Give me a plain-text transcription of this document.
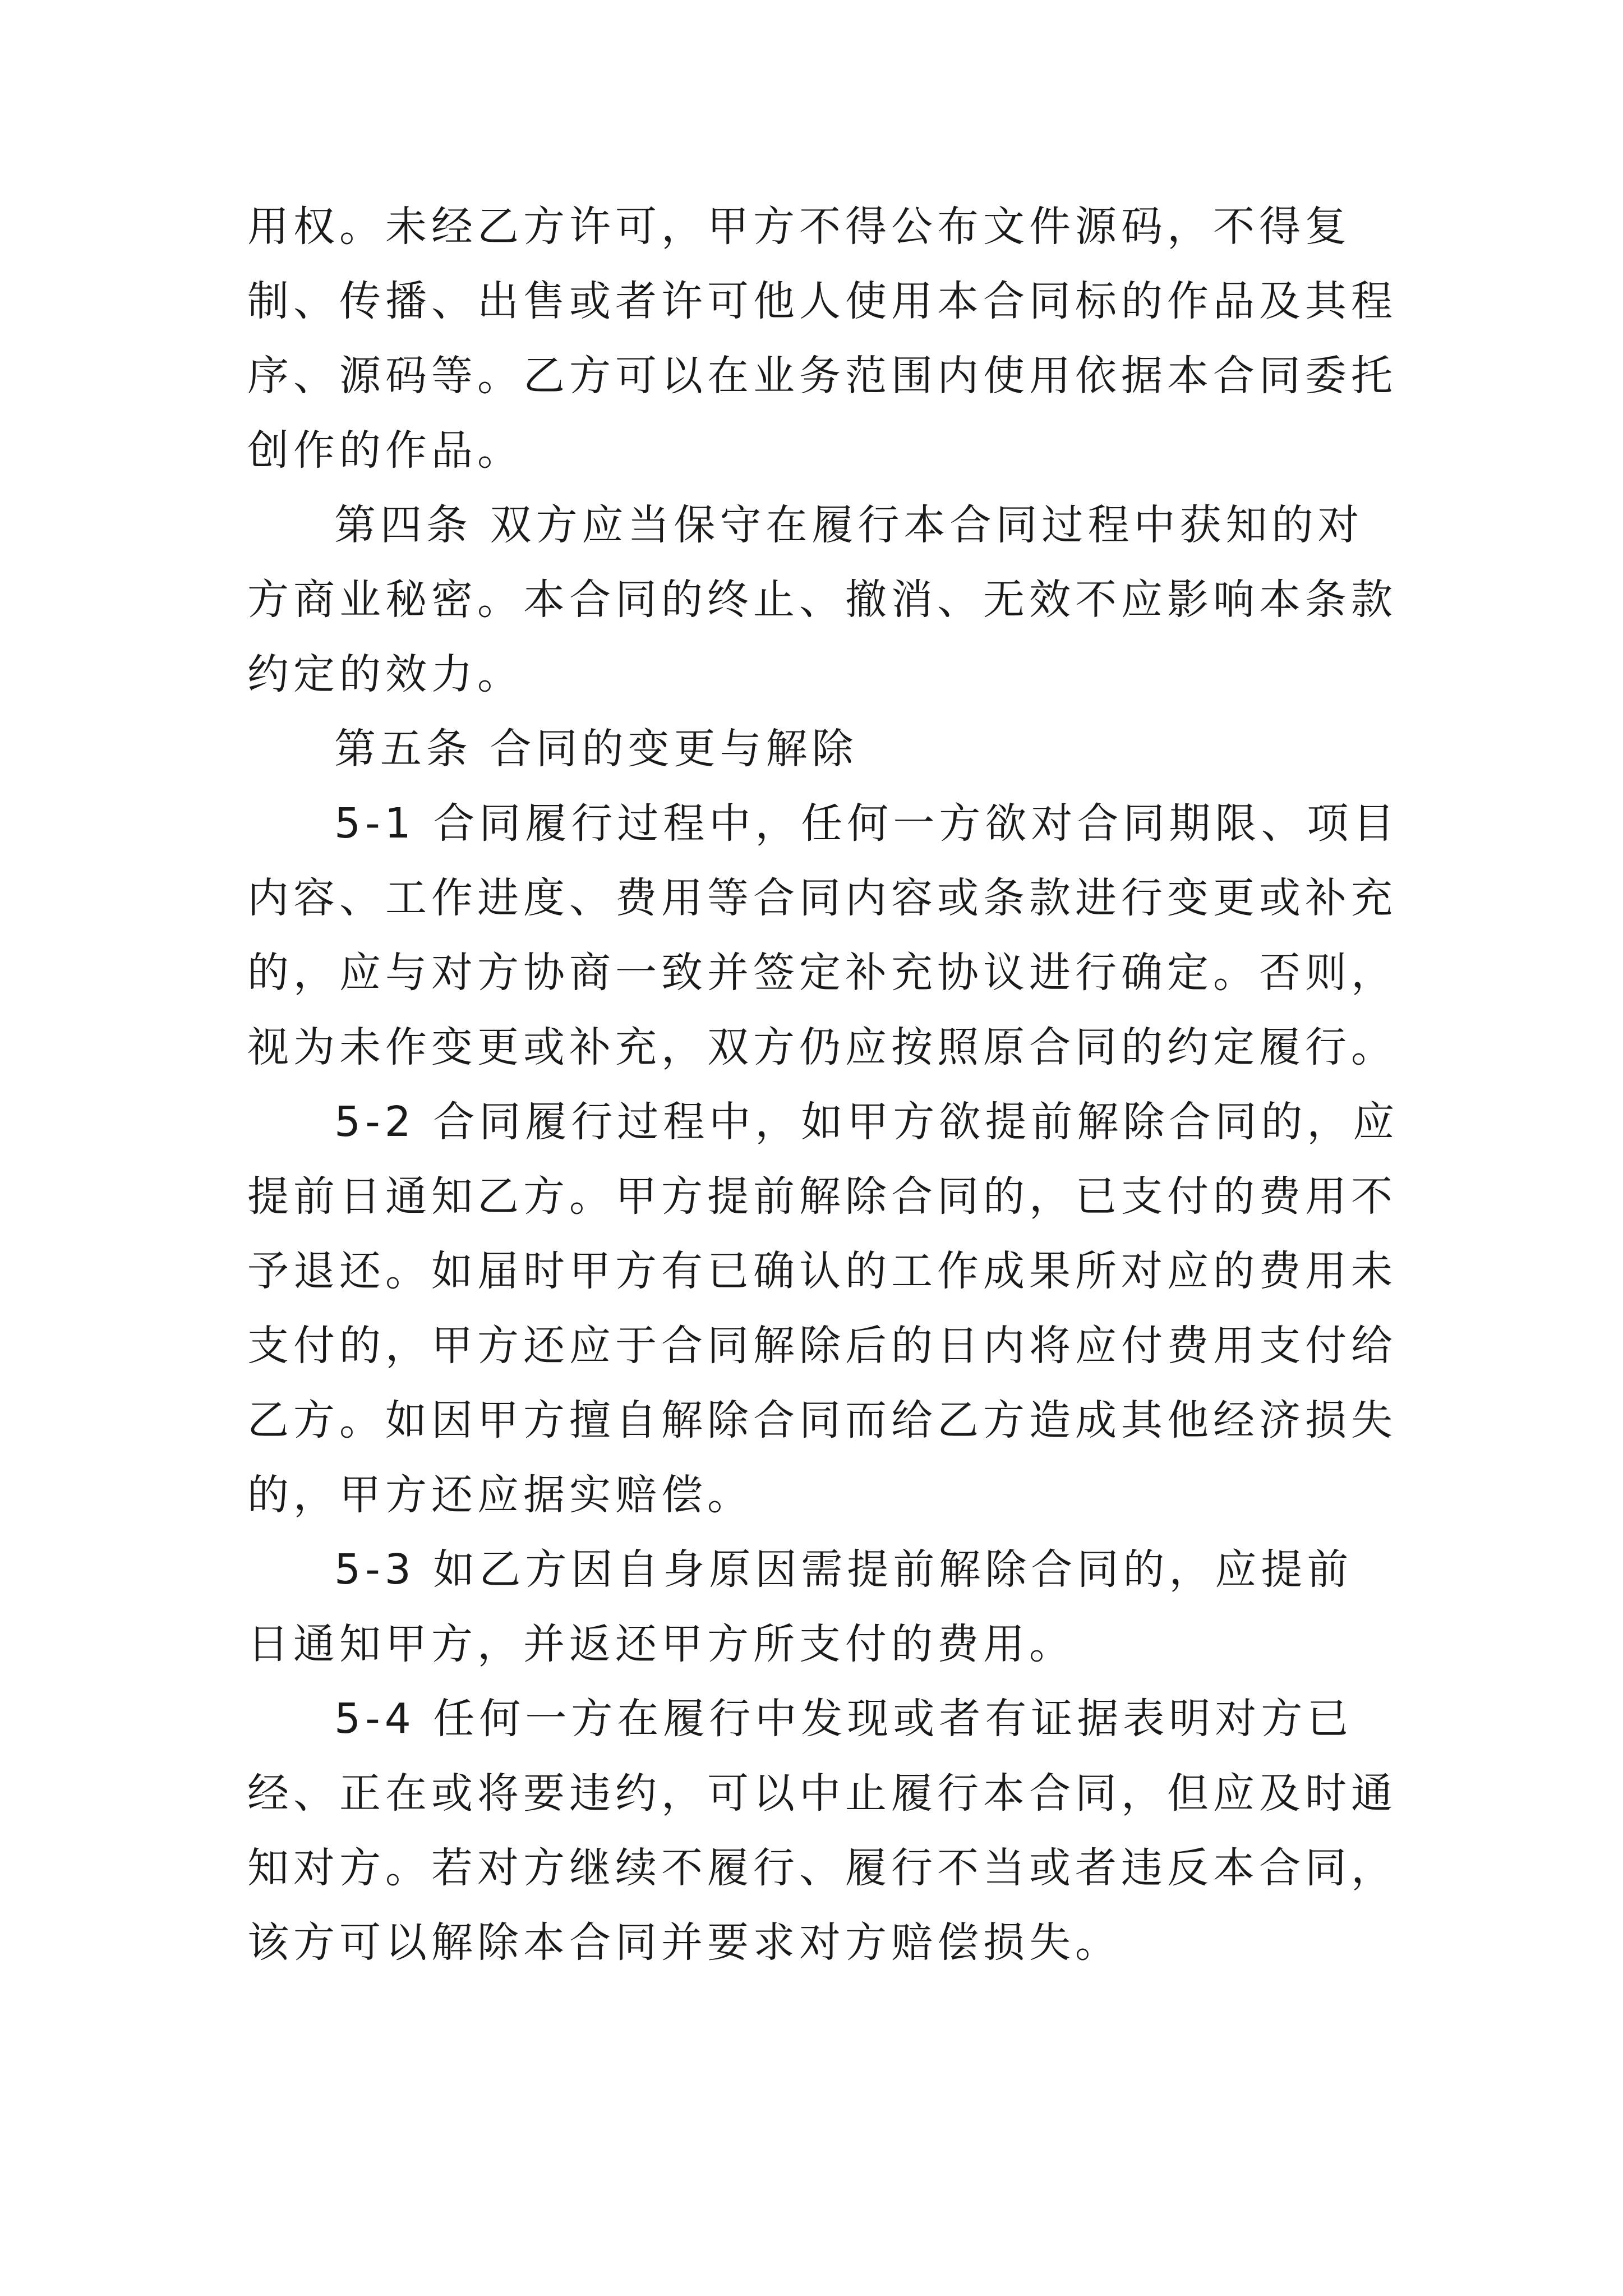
用权。未经乙方许可，甲方不得公布文件源码，不得复制、传播、出售或者许可他人使用本合同标的作品及其程序、源码等。乙方可以在业务范围内使用依据本合同委托创作的作品。

第四条 双方应当保守在履行本合同过程中获知的对方商业秘密。本合同的终止、撤消、无效不应影响本条款约定的效力。

第五条 合同的变更与解除

5-1 合同履行过程中，任何一方欲对合同期限、项目内容、工作进度、费用等合同内容或条款进行变更或补充的，应与对方协商一致并签定补充协议进行确定。否则，视为未作变更或补充，双方仍应按照原合同的约定履行。

5-2 合同履行过程中，如甲方欲提前解除合同的，应提前日通知乙方。甲方提前解除合同的，已支付的费用不予退还。如届时甲方有已确认的工作成果所对应的费用未支付的，甲方还应于合同解除后的日内将应付费用支付给乙方。如因甲方擅自解除合同而给乙方造成其他经济损失的，甲方还应据实赔偿。

5-3 如乙方因自身原因需提前解除合同的，应提前 日通知甲方，并返还甲方所支付的费用。

5-4 任何一方在履行中发现或者有证据表明对方已经、正在或将要违约，可以中止履行本合同，但应及时通知对方。若对方继续不履行、履行不当或者违反本合同，该方可以解除本合同并要求对方赔偿损失。
